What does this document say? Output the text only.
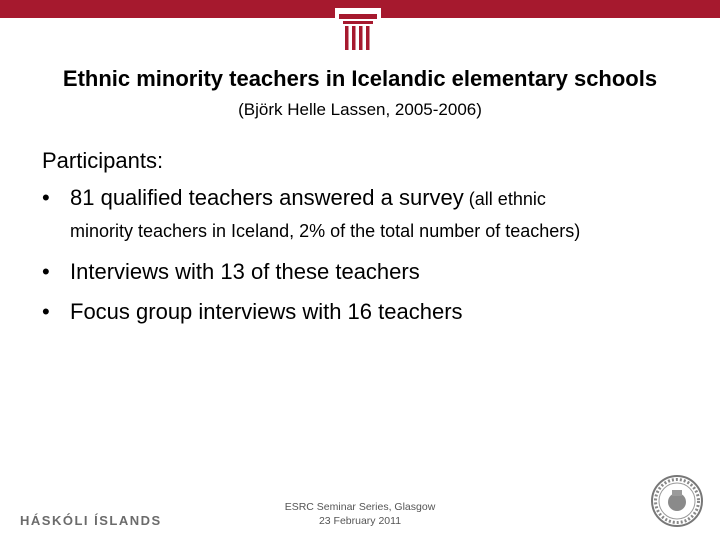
Ethnic minority teachers in Icelandic elementary schools
(Björk Helle Lassen, 2005-2006)
Participants:
• 81 qualified teachers answered a survey (all ethnic
minority teachers in Iceland, 2% of the total number of teachers)
• Interviews with 13 of these teachers
• Focus group interviews with 16 teachers
HÁSKÓLI ÍSLANDS
ESRC Seminar Series, Glasgow
23 February 2011
